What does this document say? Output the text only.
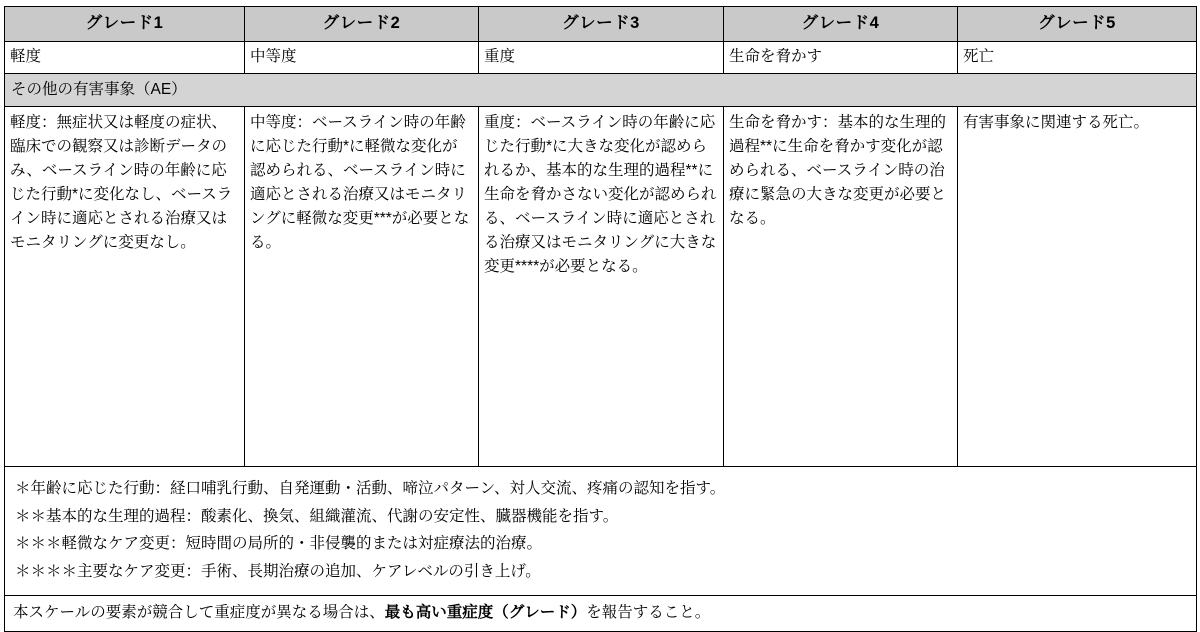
グレード1	グレード2	グレード3	グレード4	グレード5
軽度	中等度	重度	生命を脅かす	死亡
その他の有害事象（AE）				

軽度：無症状又は軽度の症状、臨床での観察又は診断データのみ、ベースライン時の年齢に応じた行動*に変化なし、ベースライン時に適応とされる治療又はモニタリングに変更なし。	中等度：ベースライン時の年齢に応じた行動*に軽微な変化が認められる、ベースライン時に適応とされる治療又はモニタリングに軽微な変更***が必要となる。	重度：ベースライン時の年齢に応じた行動*に大きな変化が認められるか、基本的な生理的過程**に生命を脅かさない変化が認められる、ベースライン時に適応とされる治療又はモニタリングに大きな変更****が必要となる。	生命を脅かす：基本的な生理的過程**に生命を脅かす変化が認められる、ベースライン時の治療に緊急の大きな変更が必要となる。	有害事象に関連する死亡。

＊年齢に応じた行動：経口哺乳行動、自発運動・活動、啼泣パターン、対人交流、疼痛の認知を指す。
＊＊基本的な生理的過程：酸素化、換気、組織灌流、代謝の安定性、臓器機能を指す。
＊＊＊軽微なケア変更：短時間の局所的・非侵襲的または対症療法的治療。
＊＊＊＊主要なケア変更：手術、長期治療の追加、ケアレベルの引き上げ。				

本スケールの要素が競合して重症度が異なる場合は、最も高い重症度（グレード）を報告すること。				
